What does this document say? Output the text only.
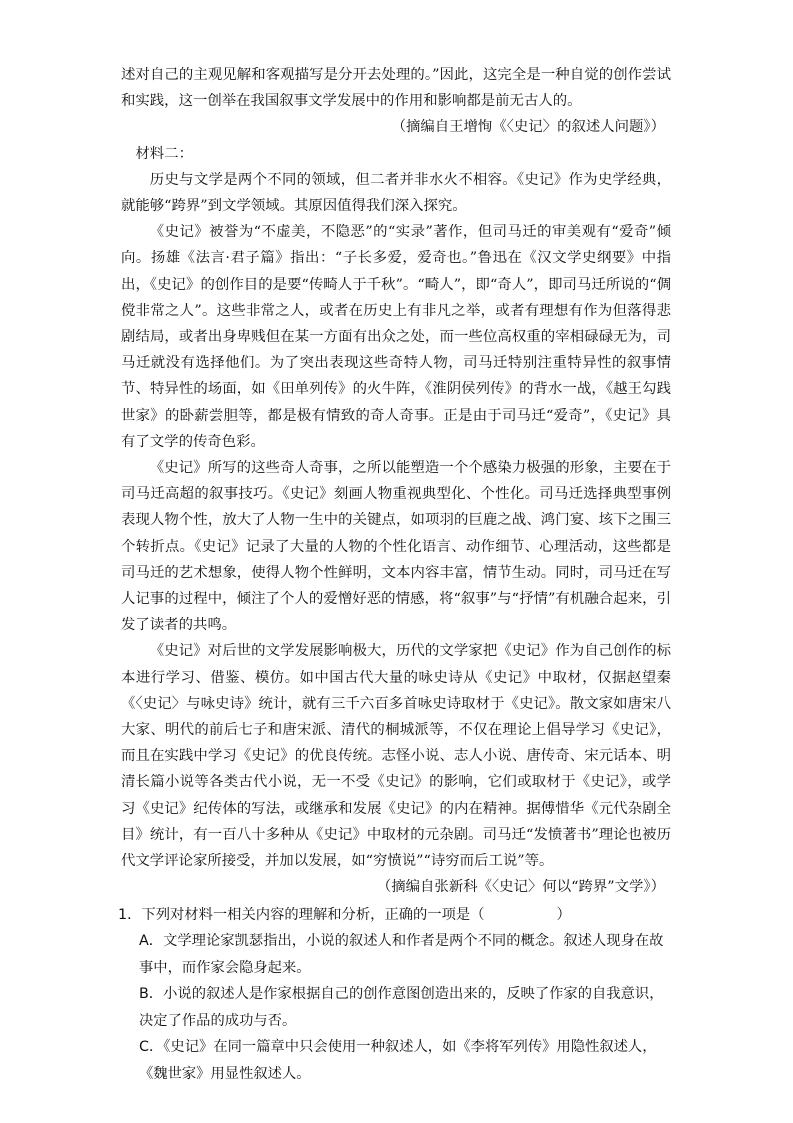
述对自己的主观见解和客观描写是分开去处理的。”因此，这完全是一种自觉的创作尝试和实践，这一创举在我国叙事文学发展中的作用和影响都是前无古人的。

（摘编自王增恂《〈史记〉的叙述人问题》）

材料二：

历史与文学是两个不同的领域，但二者并非水火不相容。《史记》作为史学经典，就能够“跨界”到文学领域。其原因值得我们深入探究。

《史记》被誉为“不虚美，不隐恶”的“实录”著作，但司马迁的审美观有“爱奇”倾向。扬雄《法言·君子篇》指出：“子长多爱，爱奇也。”鲁迅在《汉文学史纲要》中指出，《史记》的创作目的是要“传畸人于千秋”。“畸人”，即“奇人”，即司马迁所说的“倜傥非常之人”。这些非常之人，或者在历史上有非凡之举，或者有理想有作为但落得悲剧结局，或者出身卑贱但在某一方面有出众之处，而一些位高权重的宰相碌碌无为，司马迁就没有选择他们。为了突出表现这些奇特人物，司马迁特别注重特异性的叙事情节、特异性的场面，如《田单列传》的火牛阵，《淮阴侯列传》的背水一战，《越王勾践世家》的卧薪尝胆等，都是极有情致的奇人奇事。正是由于司马迁“爱奇”，《史记》具有了文学的传奇色彩。

《史记》所写的这些奇人奇事，之所以能塑造一个个感染力极强的形象，主要在于司马迁高超的叙事技巧。《史记》刻画人物重视典型化、个性化。司马迁选择典型事例表现人物个性，放大了人物一生中的关键点，如项羽的巨鹿之战、鸿门宴、垓下之围三个转折点。《史记》记录了大量的人物的个性化语言、动作细节、心理活动，这些都是司马迁的艺术想象，使得人物个性鲜明，文本内容丰富，情节生动。同时，司马迁在写人记事的过程中，倾注了个人的爱憎好恶的情感，将“叙事”与“抒情”有机融合起来，引发了读者的共鸣。

《史记》对后世的文学发展影响极大，历代的文学家把《史记》作为自己创作的标本进行学习、借鉴、模仿。如中国古代大量的咏史诗从《史记》中取材，仅据赵望秦《〈史记〉与咏史诗》统计，就有三千六百多首咏史诗取材于《史记》。散文家如唐宋八大家、明代的前后七子和唐宋派、清代的桐城派等，不仅在理论上倡导学习《史记》，而且在实践中学习《史记》的优良传统。志怪小说、志人小说、唐传奇、宋元话本、明清长篇小说等各类古代小说，无一不受《史记》的影响，它们或取材于《史记》，或学习《史记》纪传体的写法，或继承和发展《史记》的内在精神。据傅惜华《元代杂剧全目》统计，有一百八十多种从《史记》中取材的元杂剧。司马迁“发愤著书”理论也被历代文学评论家所接受，并加以发展，如“穷愤说”“诗穷而后工说”等。

（摘编自张新科《〈史记〉何以“跨界”文学》）

1．下列对材料一相关内容的理解和分析，正确的一项是（	）

A．文学理论家凯瑟指出，小说的叙述人和作者是两个不同的概念。叙述人现身在故事中，而作家会隐身起来。

B．小说的叙述人是作家根据自己的创作意图创造出来的，反映了作家的自我意识，决定了作品的成功与否。

C．《史记》在同一篇章中只会使用一种叙述人，如《李将军列传》用隐性叙述人，《魏世家》用显性叙述人。
